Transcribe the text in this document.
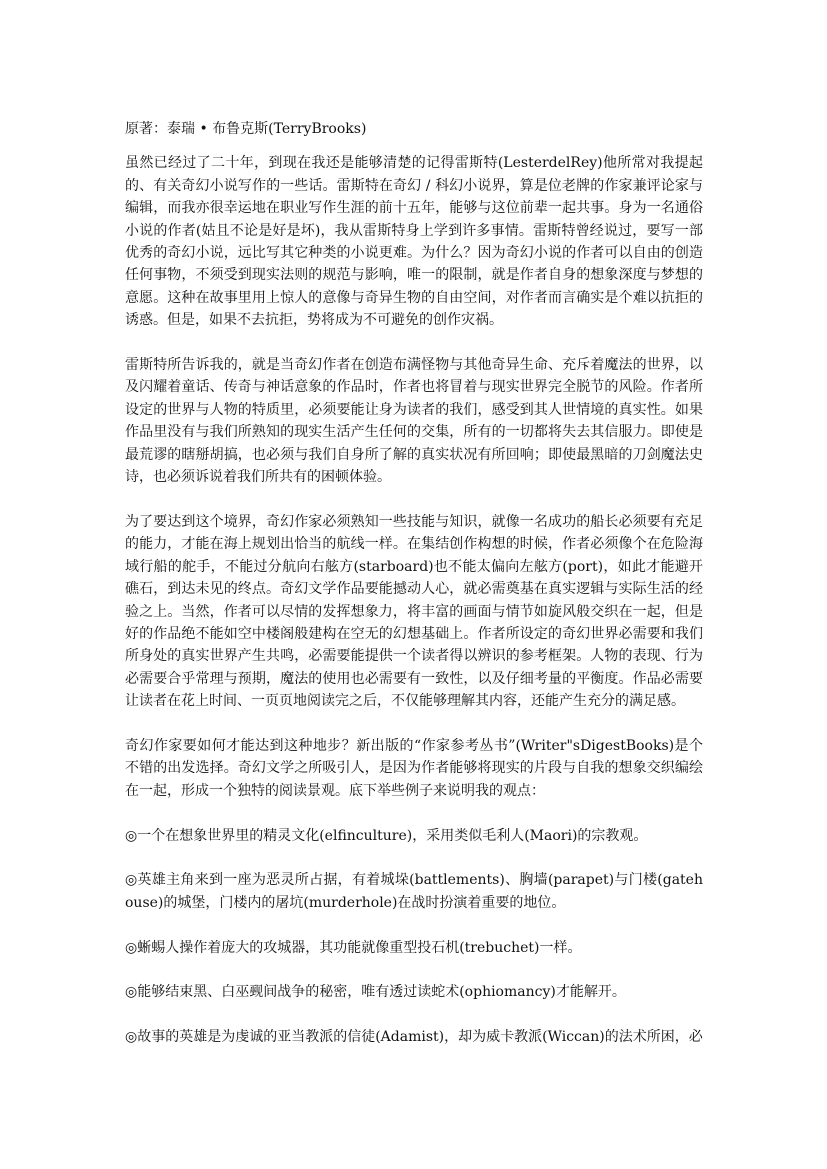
原著：泰瑞 • 布鲁克斯(TerryBrooks)

虽然已经过了二十年，到现在我还是能够清楚的记得雷斯特(LesterdelRey)他所常对我提起的、有关奇幻小说写作的一些话。雷斯特在奇幻 / 科幻小说界，算是位老牌的作家兼评论家与编辑，而我亦很幸运地在职业写作生涯的前十五年，能够与这位前辈一起共事。身为一名通俗小说的作者(姑且不论是好是坏)，我从雷斯特身上学到许多事情。雷斯特曾经说过，要写一部优秀的奇幻小说，远比写其它种类的小说更难。为什么？因为奇幻小说的作者可以自由的创造任何事物，不须受到现实法则的规范与影响，唯一的限制，就是作者自身的想象深度与梦想的意愿。这种在故事里用上惊人的意像与奇异生物的自由空间，对作者而言确实是个难以抗拒的诱惑。但是，如果不去抗拒，势将成为不可避免的创作灾祸。

雷斯特所告诉我的，就是当奇幻作者在创造布满怪物与其他奇异生命、充斥着魔法的世界，以及闪耀着童话、传奇与神话意象的作品时，作者也将冒着与现实世界完全脱节的风险。作者所设定的世界与人物的特质里，必须要能让身为读者的我们，感受到其人世情境的真实性。如果作品里没有与我们所熟知的现实生活产生任何的交集，所有的一切都将失去其信服力。即使是最荒谬的瞎掰胡搞，也必须与我们自身所了解的真实状况有所回响；即使最黑暗的刀剑魔法史诗，也必须诉说着我们所共有的困顿体验。

为了要达到这个境界，奇幻作家必须熟知一些技能与知识，就像一名成功的船长必须要有充足的能力，才能在海上规划出恰当的航线一样。在集结创作构想的时候，作者必须像个在危险海域行船的舵手，不能过分航向右舷方(starboard)也不能太偏向左舷方(port)，如此才能避开礁石，到达未见的终点。奇幻文学作品要能撼动人心，就必需奠基在真实逻辑与实际生活的经验之上。当然，作者可以尽情的发挥想象力，将丰富的画面与情节如旋风般交织在一起，但是好的作品绝不能如空中楼阁般建构在空无的幻想基础上。作者所设定的奇幻世界必需要和我们所身处的真实世界产生共鸣，必需要能提供一个读者得以辨识的参考框架。人物的表现、行为必需要合乎常理与预期，魔法的使用也必需要有一致性，以及仔细考量的平衡度。作品必需要让读者在花上时间、一页页地阅读完之后，不仅能够理解其内容，还能产生充分的满足感。

奇幻作家要如何才能达到这种地步？新出版的“作家参考丛书”(Writer"sDigestBooks)是个不错的出发选择。奇幻文学之所吸引人，是因为作者能够将现实的片段与自我的想象交织编绘在一起，形成一个独特的阅读景观。底下举些例子来说明我的观点：

◎一个在想象世界里的精灵文化(elfinculture)，采用类似毛利人(Maori)的宗教观。

◎英雄主角来到一座为恶灵所占据，有着城垛(battlements)、胸墙(parapet)与门楼(gatehouse)的城堡，门楼内的屠坑(murderhole)在战时扮演着重要的地位。

◎蜥蜴人操作着庞大的攻城器，其功能就像重型投石机(trebuchet)一样。

◎能够结束黑、白巫觋间战争的秘密，唯有透过读蛇术(ophiomancy)才能解开。

◎故事的英雄是为虔诚的亚当教派的信徒(Adamist)，却为威卡教派(Wiccan)的法术所困，必
